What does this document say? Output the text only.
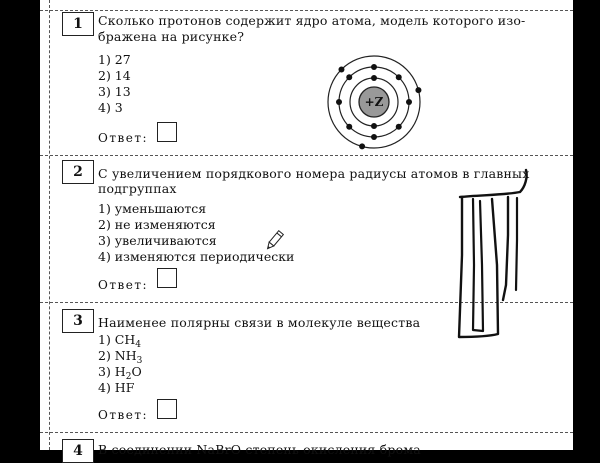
1	Сколько протонов содержит ядро атома, модель которого изо-
бражена на рисунке?
1) 27
2) 14
3) 13
4) 3
Ответ:
+Z
2	С увеличением порядкового номера радиусы атомов в главных
подгруппах
1) уменьшаются
2) не изменяются
3) увеличиваются
4) изменяются периодически
Ответ:
3	Наименее полярны связи в молекуле вещества
1) $CH_4$
2) $NH_3$
3) $H_2O$
4) HF
Ответ:
4	В соединении NaBrO степень окисления брома
